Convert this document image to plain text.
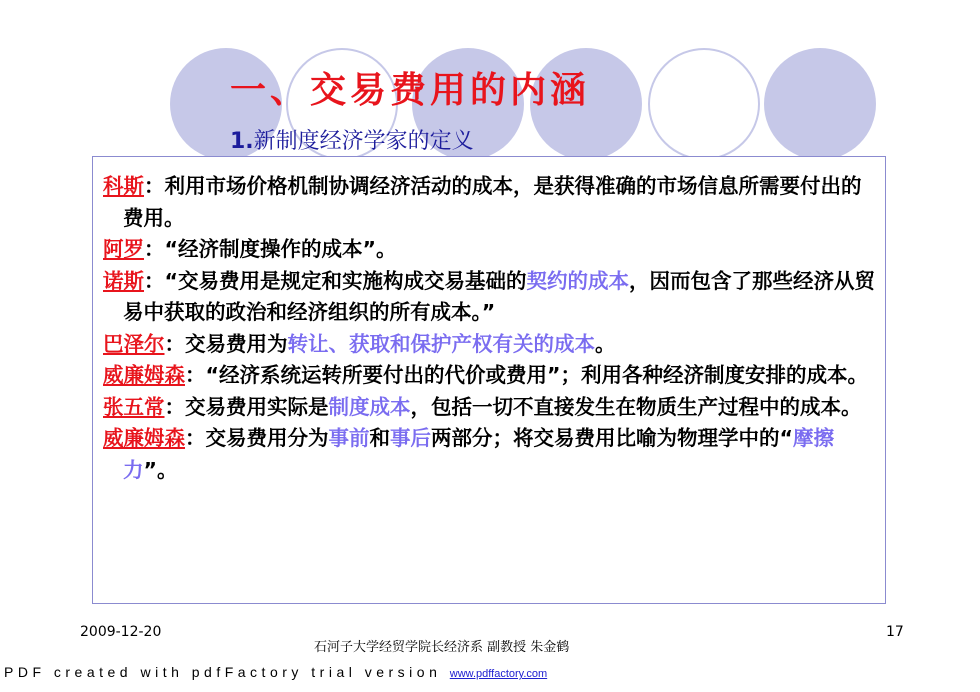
一、交易费用的内涵
1.新制度经济学家的定义
科斯：利用市场价格机制协调经济活动的成本，是获得准确的市场信息所需要付出的费用。
阿罗：“经济制度操作的成本”。
诺斯：“交易费用是规定和实施构成交易基础的契约的成本，因而包含了那些经济从贸易中获取的政治和经济组织的所有成本。”
巴泽尔：交易费用为转让、获取和保护产权有关的成本。
威廉姆森：“经济系统运转所要付出的代价或费用”；利用各种经济制度安排的成本。
张五常：交易费用实际是制度成本，包括一切不直接发生在物质生产过程中的成本。
威廉姆森：交易费用分为事前和事后两部分；将交易费用比喻为物理学中的“摩擦力”。
2009-12-20
石河子大学经贸学院长经济系 副教授 朱金鹤
17
PDF created with pdfFactory trial version www.pdffactory.com
